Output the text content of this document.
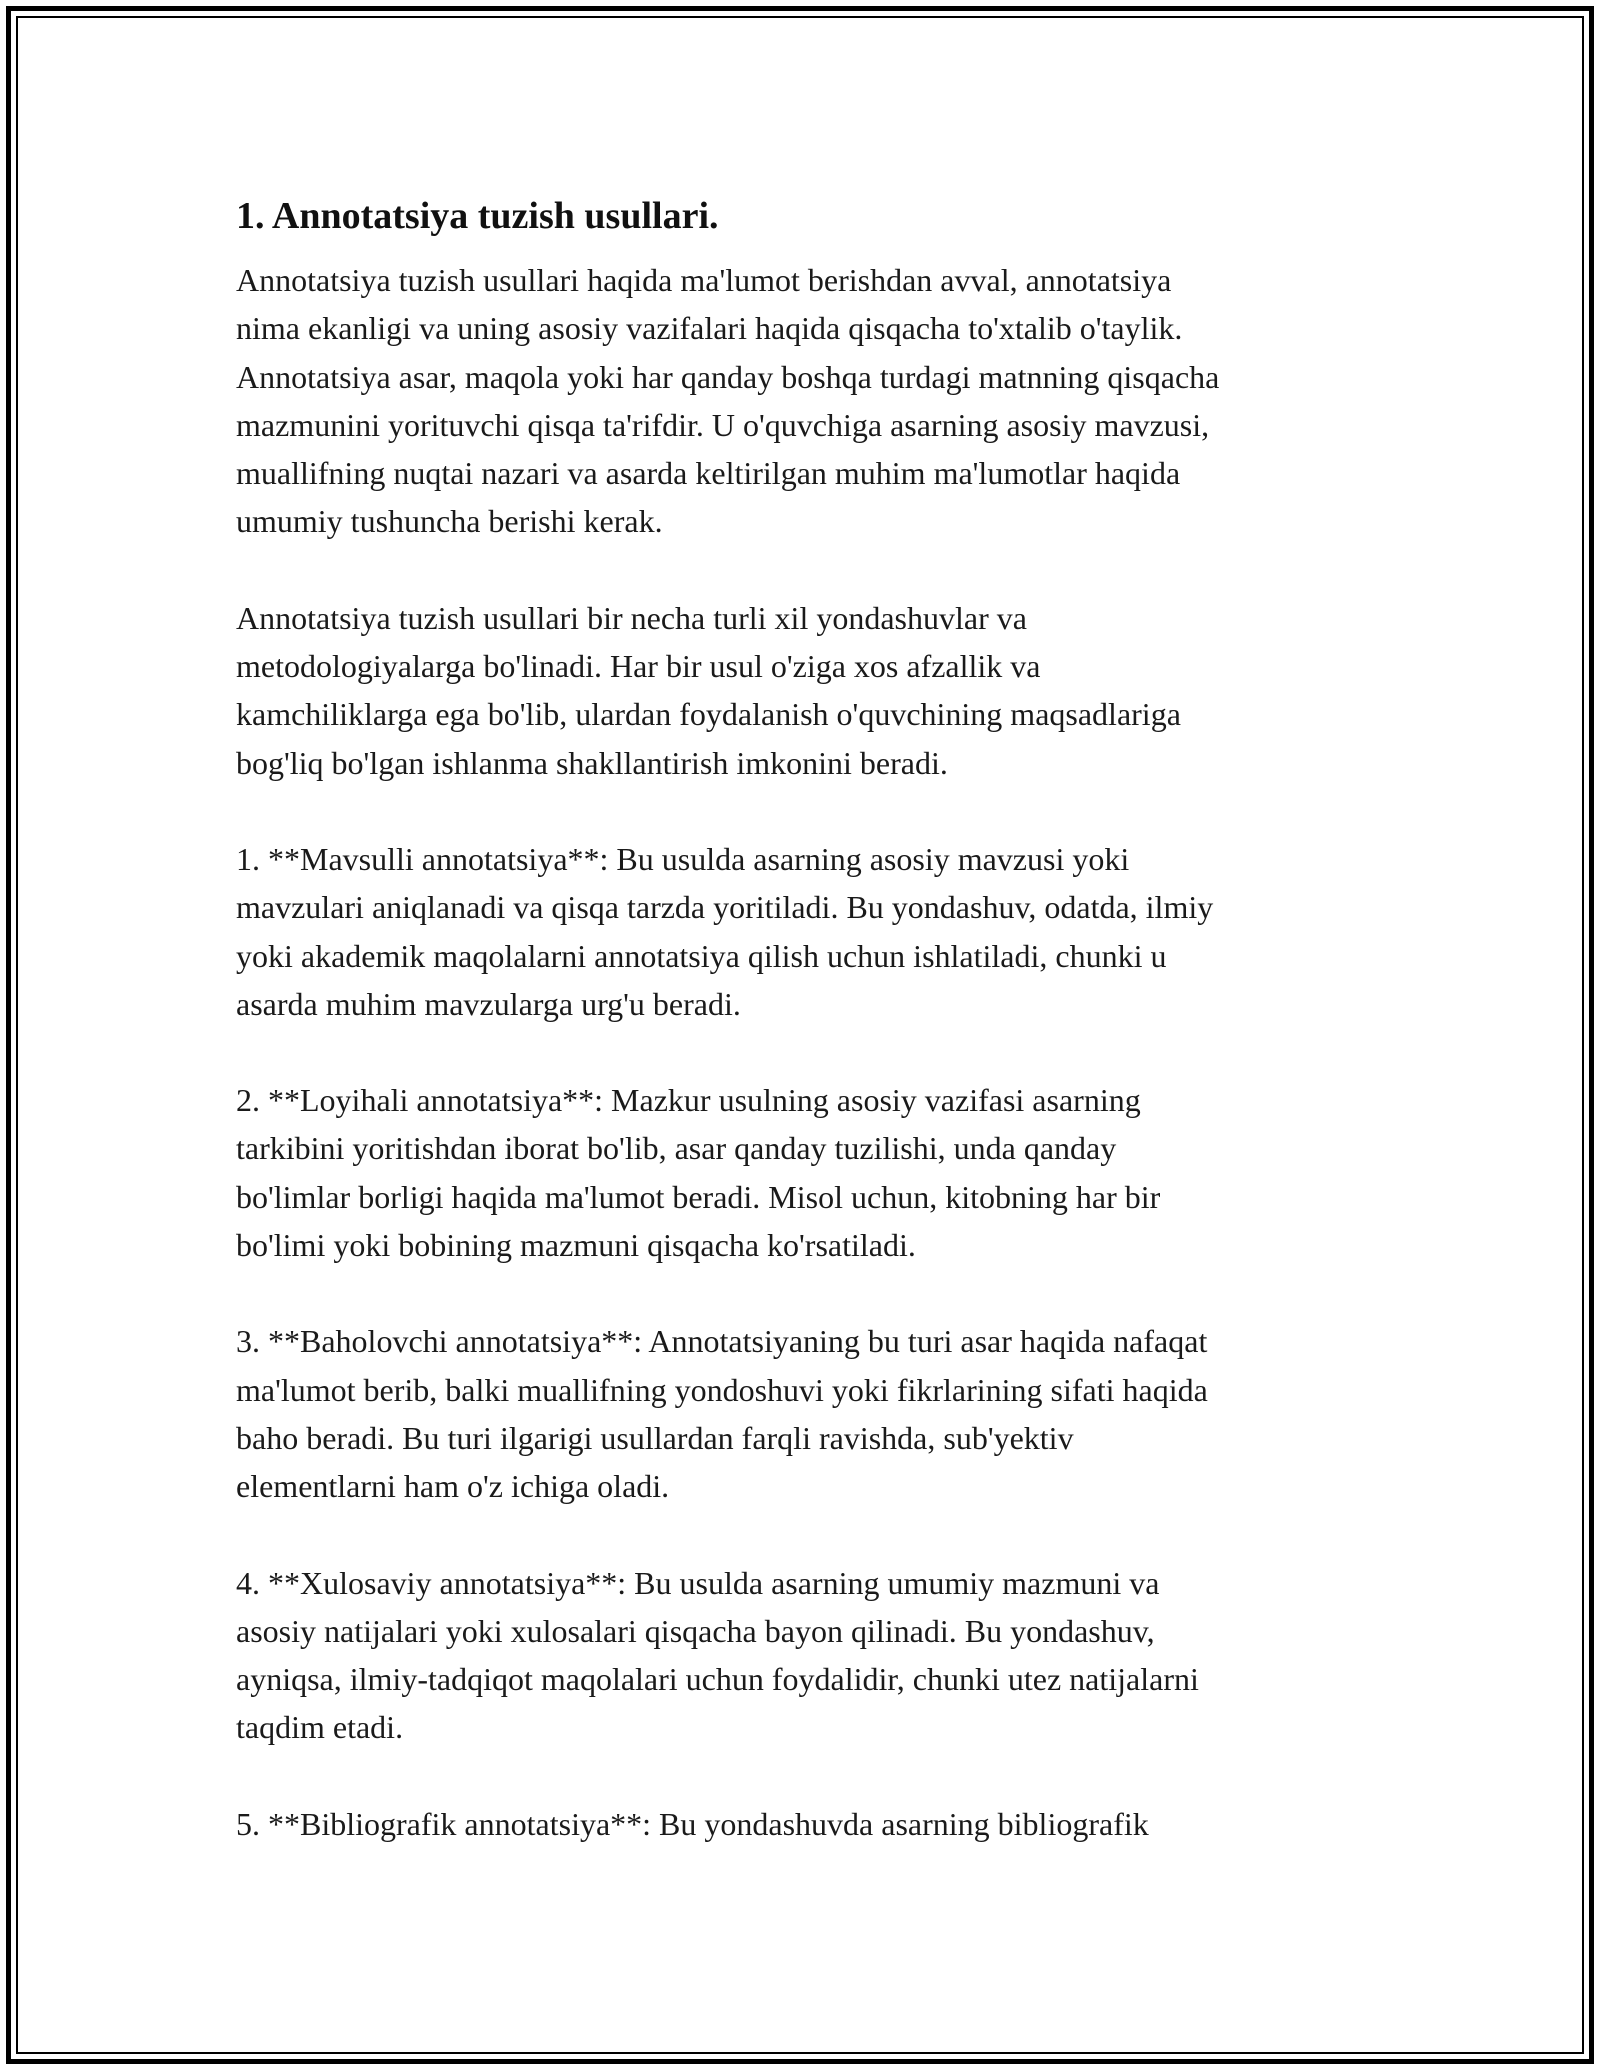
1. Annotatsiya tuzish usullari.

Annotatsiya tuzish usullari haqida ma'lumot berishdan avval, annotatsiya
nima ekanligi va uning asosiy vazifalari haqida qisqacha to'xtalib o'taylik.
Annotatsiya asar, maqola yoki har qanday boshqa turdagi matnning qisqacha
mazmunini yorituvchi qisqa ta'rifdir. U o'quvchiga asarning asosiy mavzusi,
muallifning nuqtai nazari va asarda keltirilgan muhim ma'lumotlar haqida
umumiy tushuncha berishi kerak.

Annotatsiya tuzish usullari bir necha turli xil yondashuvlar va
metodologiyalarga bo'linadi. Har bir usul o'ziga xos afzallik va
kamchiliklarga ega bo'lib, ulardan foydalanish o'quvchining maqsadlariga
bog'liq bo'lgan ishlanma shakllantirish imkonini beradi.

1. **Mavsulli annotatsiya**: Bu usulda asarning asosiy mavzusi yoki
mavzulari aniqlanadi va qisqa tarzda yoritiladi. Bu yondashuv, odatda, ilmiy
yoki akademik maqolalarni annotatsiya qilish uchun ishlatiladi, chunki u
asarda muhim mavzularga urg'u beradi.

2. **Loyihali annotatsiya**: Mazkur usulning asosiy vazifasi asarning
tarkibini yoritishdan iborat bo'lib, asar qanday tuzilishi, unda qanday
bo'limlar borligi haqida ma'lumot beradi. Misol uchun, kitobning har bir
bo'limi yoki bobining mazmuni qisqacha ko'rsatiladi.

3. **Baholovchi annotatsiya**: Annotatsiyaning bu turi asar haqida nafaqat
ma'lumot berib, balki muallifning yondoshuvi yoki fikrlarining sifati haqida
baho beradi. Bu turi ilgarigi usullardan farqli ravishda, sub'yektiv
elementlarni ham o'z ichiga oladi.

4. **Xulosaviy annotatsiya**: Bu usulda asarning umumiy mazmuni va
asosiy natijalari yoki xulosalari qisqacha bayon qilinadi. Bu yondashuv,
ayniqsa, ilmiy-tadqiqot maqolalari uchun foydalidir, chunki utez natijalarni
taqdim etadi.

5. **Bibliografik annotatsiya**: Bu yondashuvda asarning bibliografik
